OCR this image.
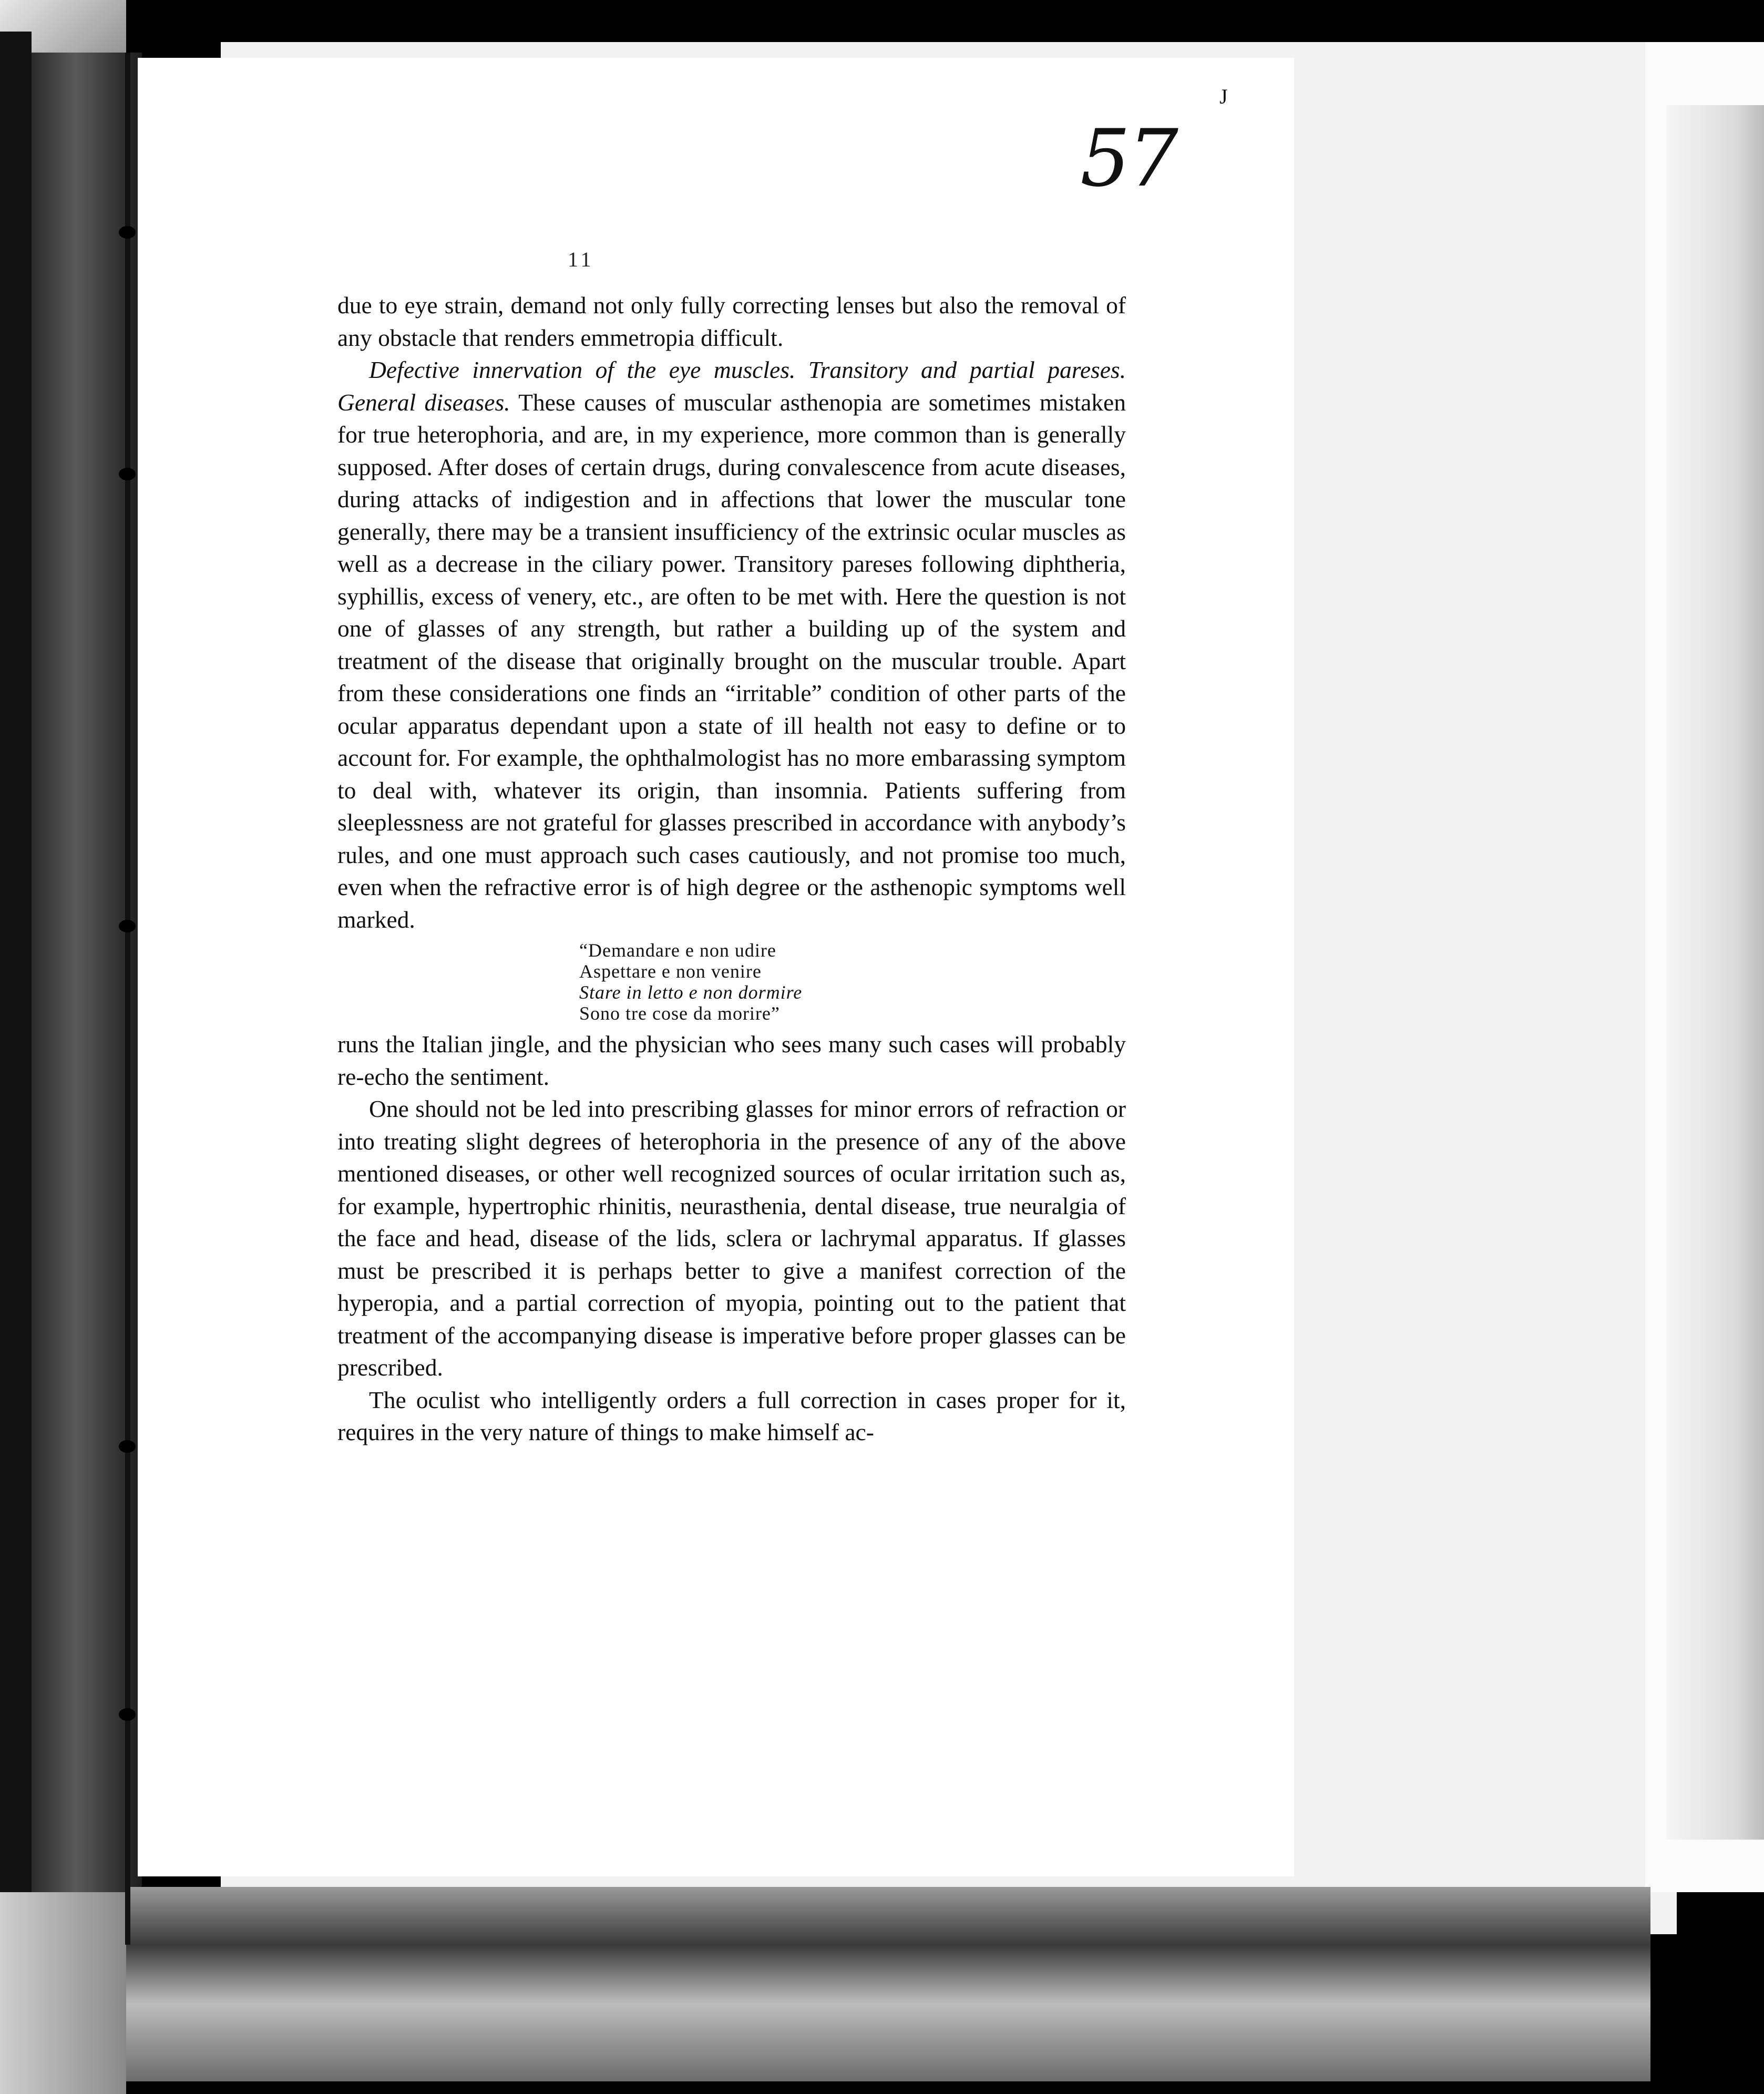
57
J
11

due to eye strain, demand not only fully correcting lenses but also the removal of any obstacle that renders emmetropia difficult.

Defective innervation of the eye muscles. Transitory and partial pareses. General diseases. These causes of muscular asthenopia are sometimes mistaken for true heterophoria, and are, in my experience, more common than is generally supposed. After doses of certain drugs, during convalescence from acute diseases, during attacks of indigestion and in affections that lower the muscular tone generally, there may be a transient insufficiency of the extrinsic ocular muscles as well as a decrease in the ciliary power. Transitory pareses following diphtheria, syphillis, excess of venery, etc., are often to be met with. Here the question is not one of glasses of any strength, but rather a building up of the system and treatment of the disease that originally brought on the muscular trouble. Apart from these considerations one finds an “irritable” condition of other parts of the ocular apparatus dependant upon a state of ill health not easy to define or to account for. For example, the ophthalmologist has no more embarassing symptom to deal with, whatever its origin, than insomnia. Patients suffering from sleeplessness are not grateful for glasses prescribed in accordance with anybody’s rules, and one must approach such cases cautiously, and not promise too much, even when the refractive error is of high degree or the asthenopic symptoms well marked.

“Demandare e non udire
Aspettare e non venire
Stare in letto e non dormire
Sono tre cose da morire”

runs the Italian jingle, and the physician who sees many such cases will probably re-echo the sentiment.

One should not be led into prescribing glasses for minor errors of refraction or into treating slight degrees of heterophoria in the presence of any of the above mentioned diseases, or other well recognized sources of ocular irritation such as, for example, hypertrophic rhinitis, neurasthenia, dental disease, true neuralgia of the face and head, disease of the lids, sclera or lachrymal apparatus. If glasses must be prescribed it is perhaps better to give a manifest correction of the hyperopia, and a partial correction of myopia, pointing out to the patient that treatment of the accompanying disease is imperative before proper glasses can be prescribed.

The oculist who intelligently orders a full correction in cases proper for it, requires in the very nature of things to make himself ac-
